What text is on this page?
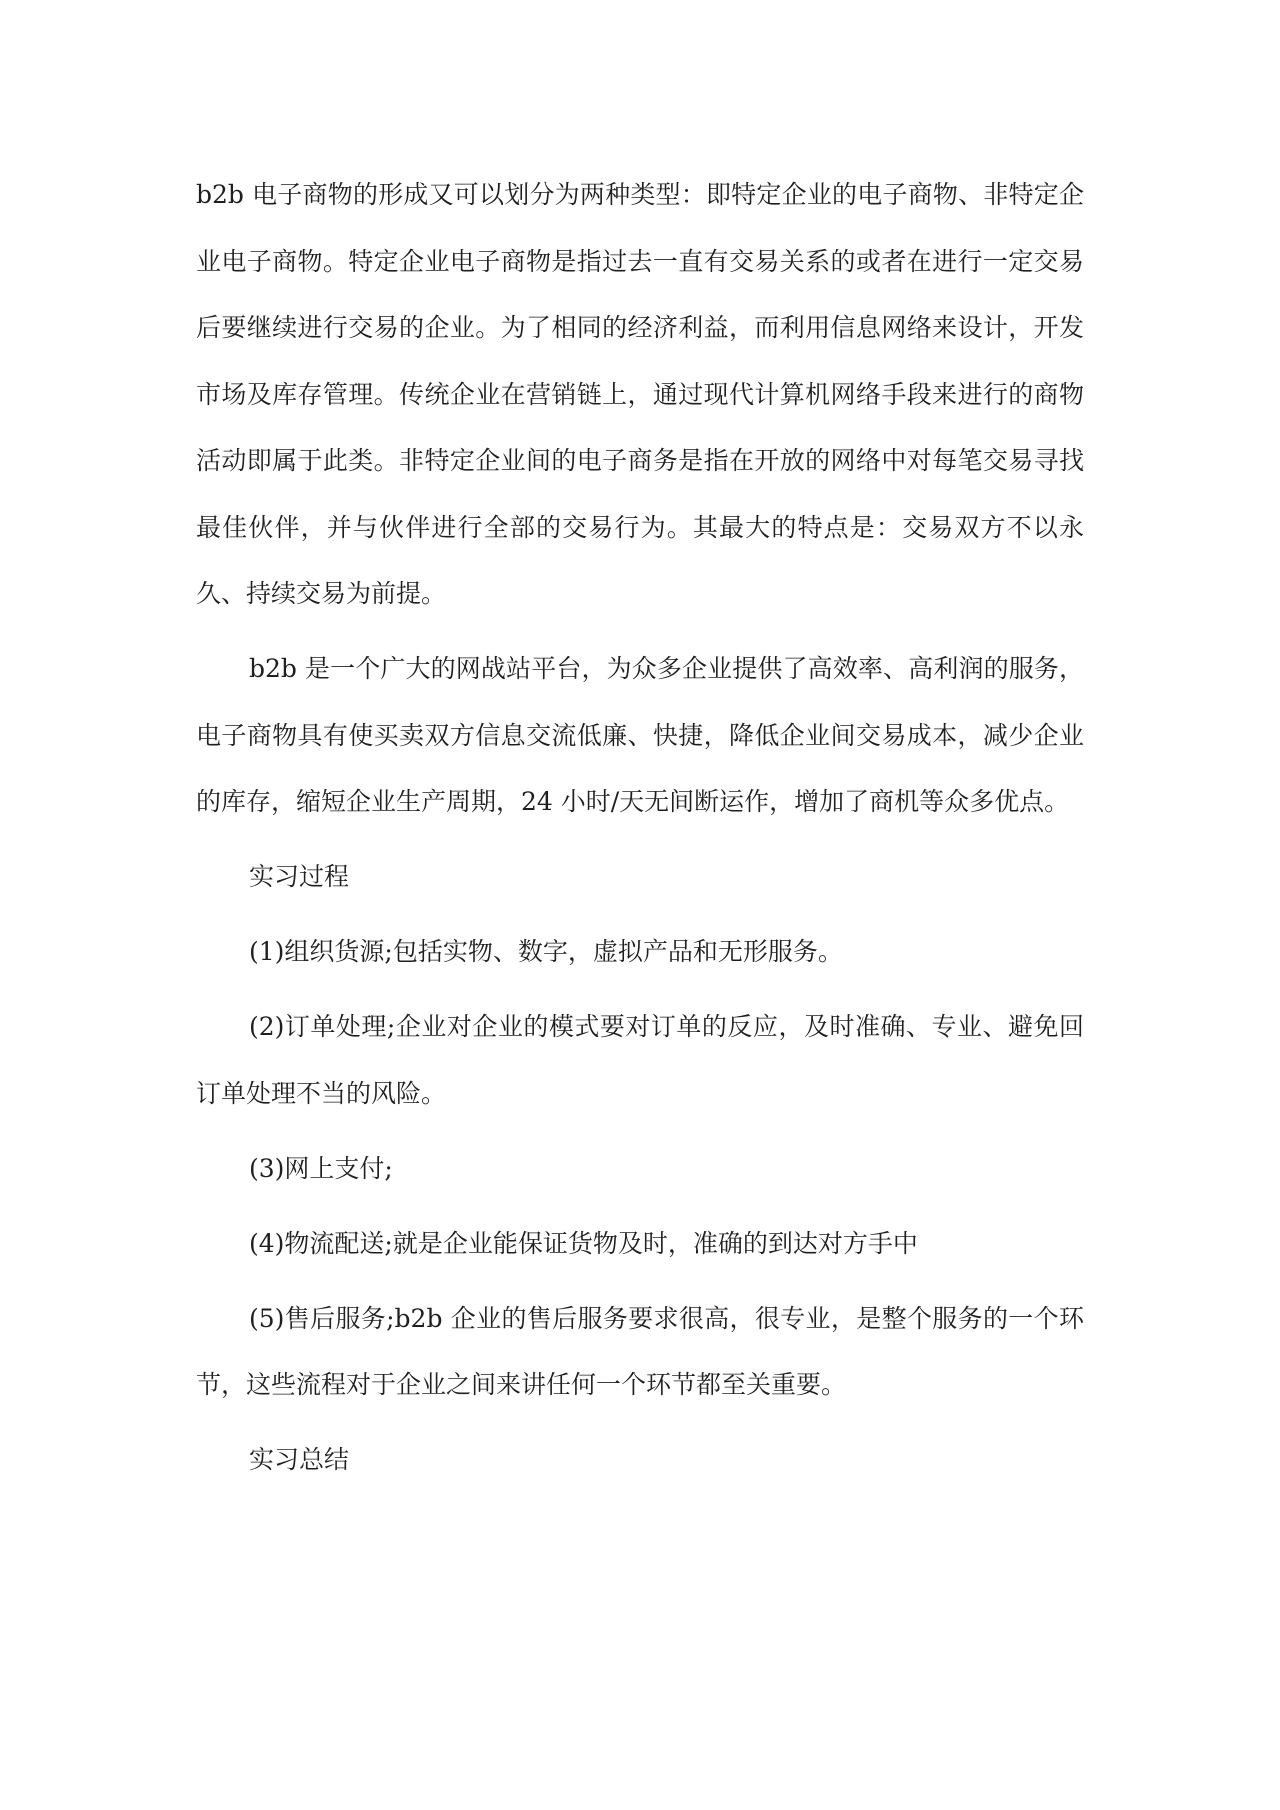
b2b 电子商物的形成又可以划分为两种类型：即特定企业的电子商物、非特定企业电子商物。特定企业电子商物是指过去一直有交易关系的或者在进行一定交易后要继续进行交易的企业。为了相同的经济利益，而利用信息网络来设计，开发市场及库存管理。传统企业在营销链上，通过现代计算机网络手段来进行的商物活动即属于此类。非特定企业间的电子商务是指在开放的网络中对每笔交易寻找最佳伙伴，并与伙伴进行全部的交易行为。其最大的特点是：交易双方不以永久、持续交易为前提。

b2b 是一个广大的网战站平台，为众多企业提供了高效率、高利润的服务，电子商物具有使买卖双方信息交流低廉、快捷，降低企业间交易成本，减少企业的库存，缩短企业生产周期，24 小时/天无间断运作，增加了商机等众多优点。

实习过程

(1)组织货源;包括实物、数字，虚拟产品和无形服务。

(2)订单处理;企业对企业的模式要对订单的反应，及时准确、专业、避免回订单处理不当的风险。

(3)网上支付;

(4)物流配送;就是企业能保证货物及时，准确的到达对方手中

(5)售后服务;b2b 企业的售后服务要求很高，很专业，是整个服务的一个环节，这些流程对于企业之间来讲任何一个环节都至关重要。

实习总结
